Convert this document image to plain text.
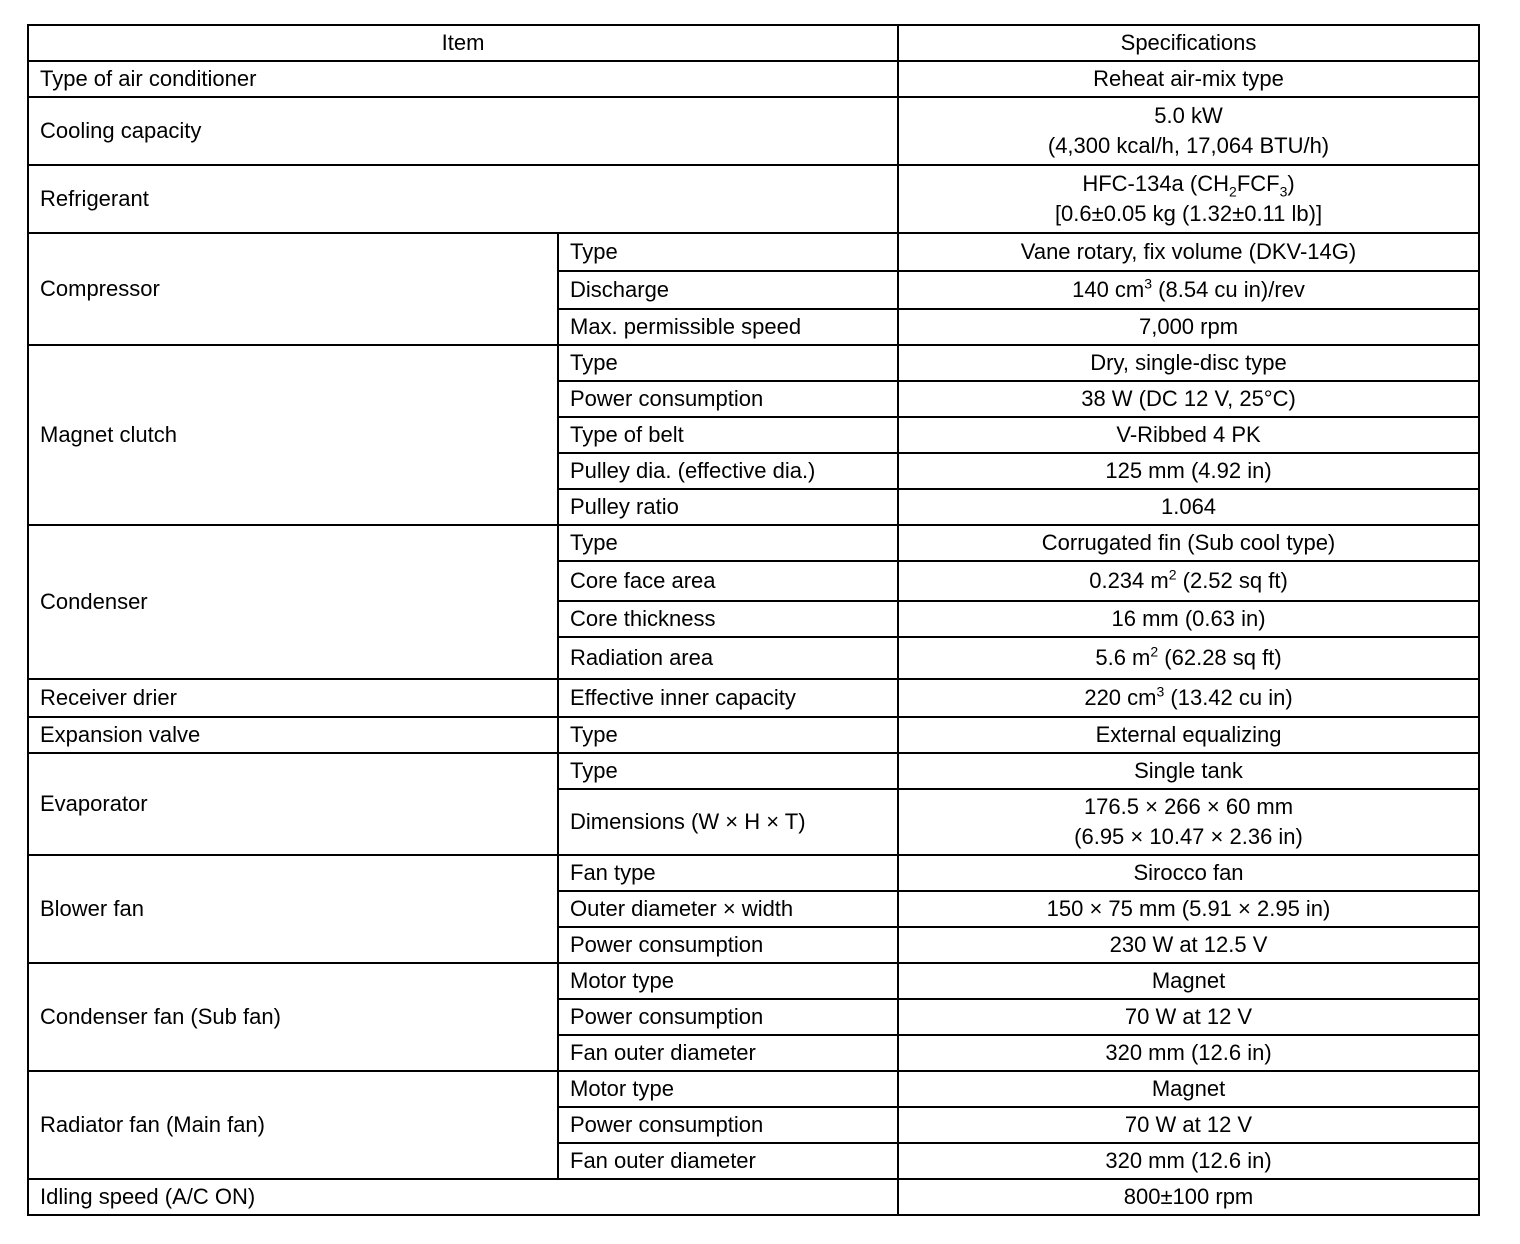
Item		Specifications
Type of air conditioner		Reheat air-mix type
Cooling capacity		5.0 kW
(4,300 kcal/h, 17,064 BTU/h)

Refrigerant		HFC-134a $(CH_2FCF_3)$
[0.6±0.05 kg (1.32±0.11 lb)]

Compressor	Type	Vane rotary, fix volume (DKV-14G)
	Discharge	140 $cm^3$ (8.54 cu in)/rev
	Max. permissible speed	7,000 rpm
Magnet clutch	Type	Dry, single-disc type
	Power consumption	38 W (DC 12 V, 25°C)
	Type of belt	V-Ribbed 4 PK
	Pulley dia. (effective dia.)	125 mm (4.92 in)
	Pulley ratio	1.064
Condenser	Type	Corrugated fin (Sub cool type)
	Core face area	0.234 $m^2$ (2.52 sq ft)
	Core thickness	16 mm (0.63 in)
	Radiation area	5.6 $m^2$ (62.28 sq ft)
Receiver drier	Effective inner capacity	220 $cm^3$ (13.42 cu in)
Expansion valve	Type	External equalizing
Evaporator	Type	Single tank
	Dimensions (W × H × T)	176.5 × 266 × 60 mm
(6.95 × 10.47 × 2.36 in)

Blower fan	Fan type	Sirocco fan
	Outer diameter × width	150 × 75 mm (5.91 × 2.95 in)
	Power consumption	230 W at 12.5 V
Condenser fan (Sub fan)	Motor type	Magnet
	Power consumption	70 W at 12 V
	Fan outer diameter	320 mm (12.6 in)
Radiator fan (Main fan)	Motor type	Magnet
	Power consumption	70 W at 12 V
	Fan outer diameter	320 mm (12.6 in)
Idling speed (A/C ON)		800±100 rpm
